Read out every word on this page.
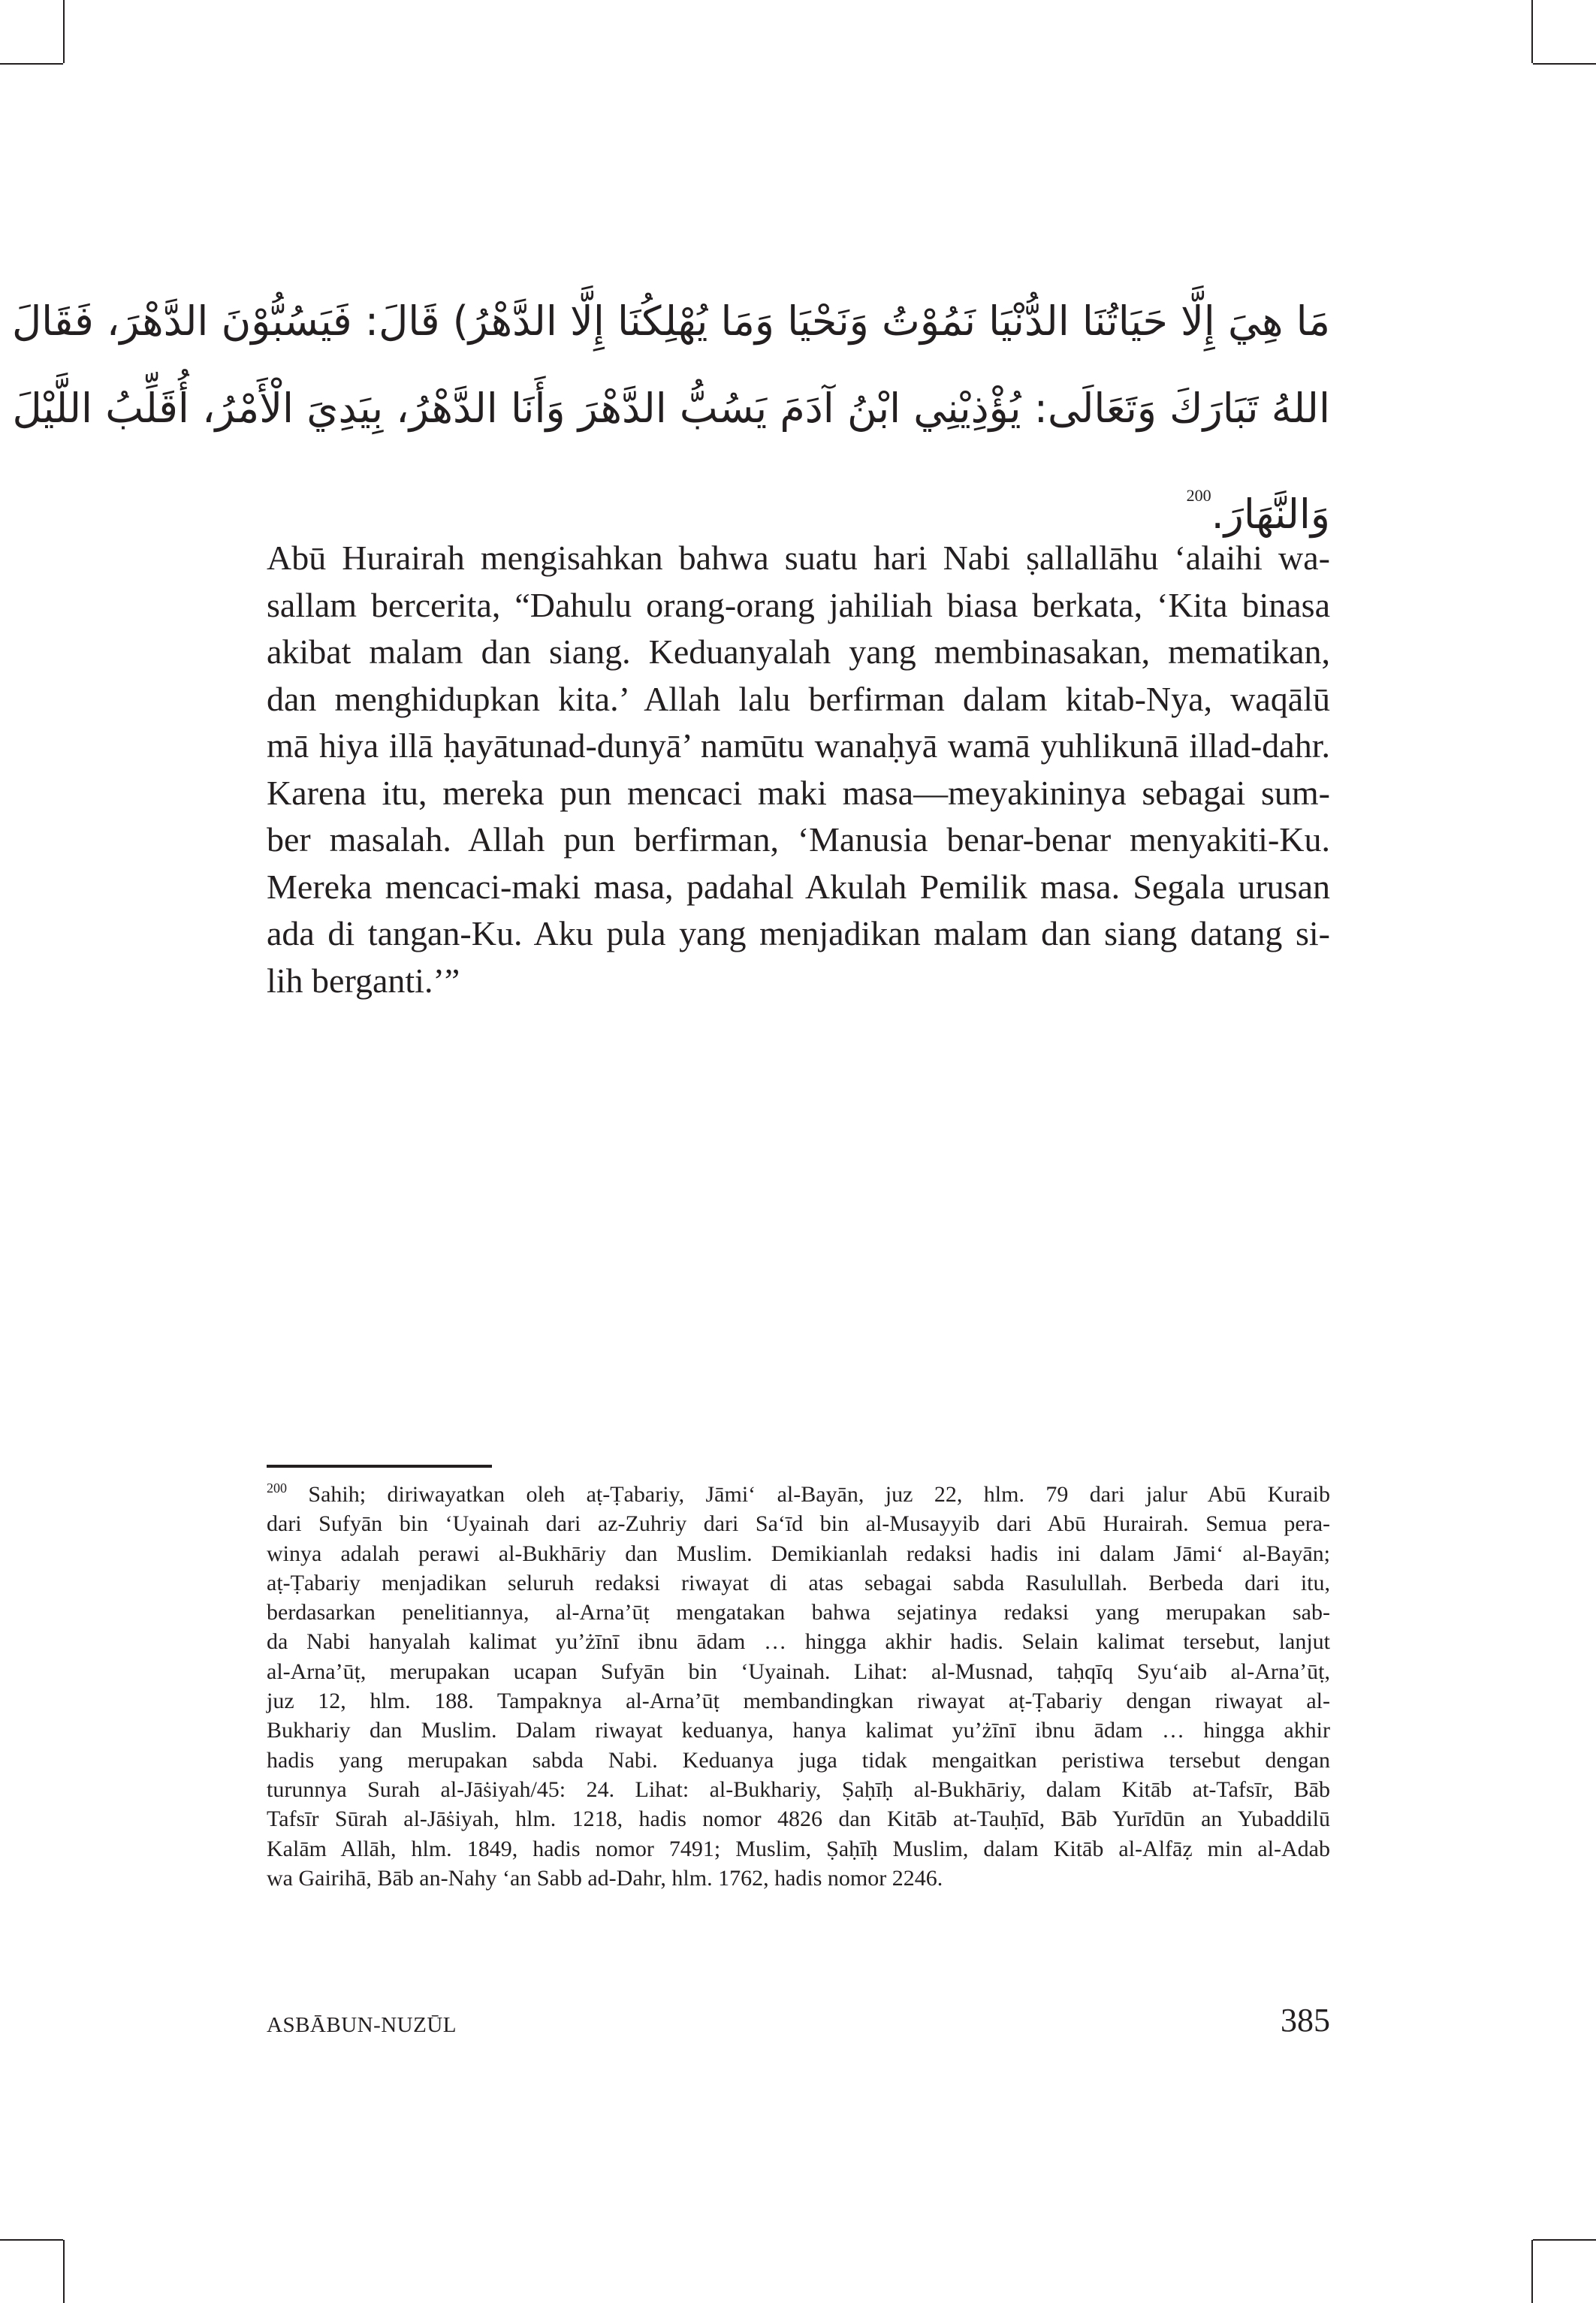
مَا هِيَ إِلَّا حَيَاتُنَا الدُّنْيَا نَمُوْتُ وَنَحْيَا وَمَا يُهْلِكُنَا إِلَّا الدَّهْرُ) قَالَ: فَيَسُبُّوْنَ الدَّهْرَ، فَقَالَ
اللهُ تَبَارَكَ وَتَعَالَى: يُؤْذِيْنِي ابْنُ آدَمَ يَسُبُّ الدَّهْرَ وَأَنَا الدَّهْرُ، بِيَدِيَ الْأَمْرُ، أُقَلِّبُ اللَّيْلَ
وَالنَّهَارَ.$^{200}$
Abū Hurairah mengisahkan bahwa suatu hari Nabi ṣallallāhu ‘alaihi wa-
sallam bercerita, “Dahulu orang-orang jahiliah biasa berkata, ‘Kita binasa
akibat malam dan siang. Keduanyalah yang membinasakan, mematikan,
dan menghidupkan kita.’ Allah lalu berfirman dalam kitab-Nya, waqālū
mā hiya illā ḥayātunad-dunyā’ namūtu wanaḥyā wamā yuhlikunā illad-dahr.
Karena itu, mereka pun mencaci maki masa—meyakininya sebagai sum-
ber masalah. Allah pun berfirman, ‘Manusia benar-benar menyakiti-Ku.
Mereka mencaci-maki masa, padahal Akulah Pemilik masa. Segala urusan
ada di tangan-Ku. Aku pula yang menjadikan malam dan siang datang si-
lih berganti.’”
$^{200}$ Sahih; diriwayatkan oleh aṭ-Ṭabariy, Jāmi‘ al-Bayān, juz 22, hlm. 79 dari jalur Abū Kuraib
dari Sufyān bin ‘Uyainah dari az-Zuhriy dari Sa‘īd bin al-Musayyib dari Abū Hurairah. Semua pera-
winya adalah perawi al-Bukhāriy dan Muslim. Demikianlah redaksi hadis ini dalam Jāmi‘ al-Bayān;
aṭ-Ṭabariy menjadikan seluruh redaksi riwayat di atas sebagai sabda Rasulullah. Berbeda dari itu,
berdasarkan penelitiannya, al-Arna’ūṭ mengatakan bahwa sejatinya redaksi yang merupakan sab-
da Nabi hanyalah kalimat yu’żīnī ibnu ādam … hingga akhir hadis. Selain kalimat tersebut, lanjut
al-Arna’ūṭ, merupakan ucapan Sufyān bin ‘Uyainah. Lihat: al-Musnad, taḥqīq Syu‘aib al-Arna’ūṭ,
juz 12, hlm. 188. Tampaknya al-Arna’ūṭ membandingkan riwayat aṭ-Ṭabariy dengan riwayat al-
Bukhariy dan Muslim. Dalam riwayat keduanya, hanya kalimat yu’żīnī ibnu ādam … hingga akhir
hadis yang merupakan sabda Nabi. Keduanya juga tidak mengaitkan peristiwa tersebut dengan
turunnya Surah al-Jāṡiyah/45: 24. Lihat: al-Bukhariy, Ṣaḥīḥ al-Bukhāriy, dalam Kitāb at-Tafsīr, Bāb
Tafsīr Sūrah al-Jāṡiyah, hlm. 1218, hadis nomor 4826 dan Kitāb at-Tauḥīd, Bāb Yurīdūn an Yubaddilū
Kalām Allāh, hlm. 1849, hadis nomor 7491; Muslim, Ṣaḥīḥ Muslim, dalam Kitāb al-Alfāẓ min al-Adab
wa Gairihā, Bāb an-Nahy ‘an Sabb ad-Dahr, hlm. 1762, hadis nomor 2246.
ASBĀBUN-NUZŪL	385
